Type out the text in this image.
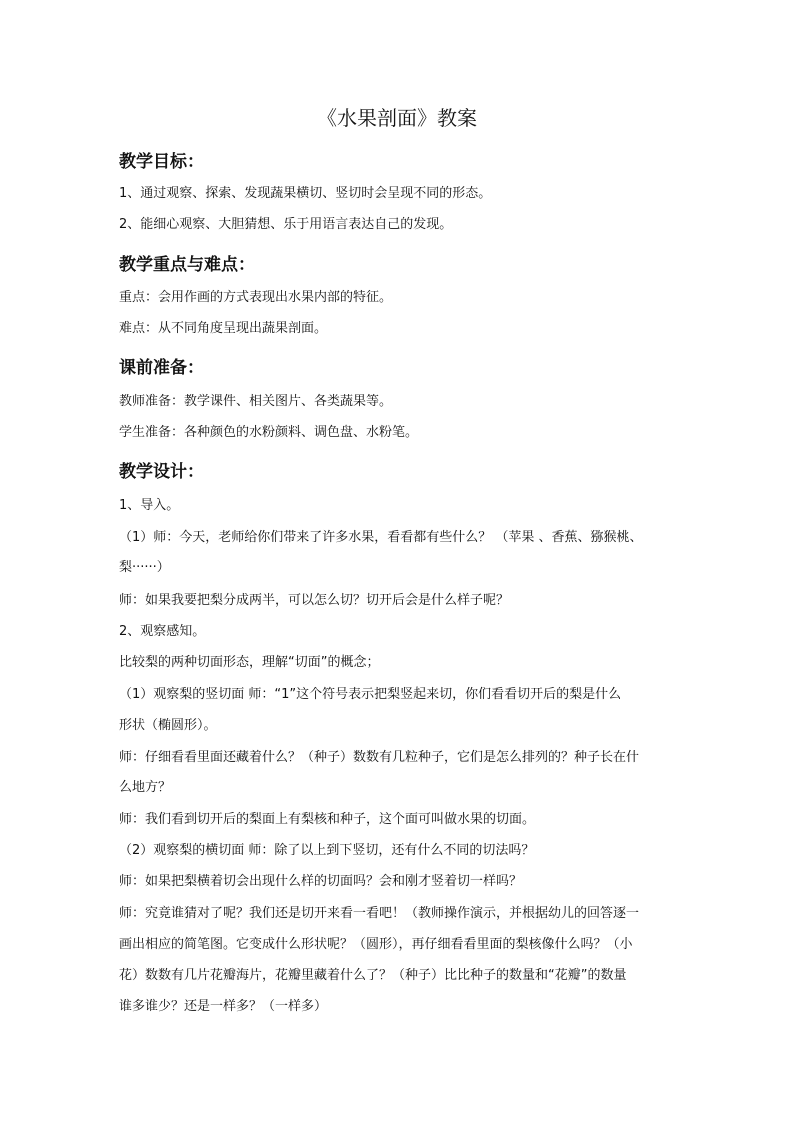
《水果剖面》教案
教学目标：

1、通过观察、探索、发现蔬果横切、竖切时会呈现不同的形态。

2、能细心观察、大胆猜想、乐于用语言表达自己的发现。

教学重点与难点：

重点：会用作画的方式表现出水果内部的特征。

难点：从不同角度呈现出蔬果剖面。

课前准备：

教师准备：教学课件、相关图片、各类蔬果等。

学生准备：各种颜色的水粉颜料、调色盘、水粉笔。

教学设计：

1、导入。

（1）师：今天，老师给你们带来了许多水果，看看都有些什么？ （苹果 、香蕉、猕猴桃、

梨······）

师：如果我要把梨分成两半，可以怎么切？切开后会是什么样子呢？

2、观察感知。

比较梨的两种切面形态，理解“切面”的概念；

（1）观察梨的竖切面 师：“1”这个符号表示把梨竖起来切，你们看看切开后的梨是什么

形状（椭圆形）。

师：仔细看看里面还藏着什么？（种子）数数有几粒种子，它们是怎么排列的？种子长在什

么地方？

师：我们看到切开后的梨面上有梨核和种子，这个面可叫做水果的切面。

（2）观察梨的横切面 师：除了以上到下竖切，还有什么不同的切法吗？

师：如果把梨横着切会出现什么样的切面吗？会和刚才竖着切一样吗？

师：究竟谁猜对了呢？我们还是切开来看一看吧！（教师操作演示，并根据幼儿的回答逐一

画出相应的简笔图。它变成什么形状呢？（圆形），再仔细看看里面的梨核像什么吗？（小

花）数数有几片花瓣海片，花瓣里藏着什么了？（种子）比比种子的数量和“花瓣”的数量

谁多谁少？还是一样多？（一样多）
